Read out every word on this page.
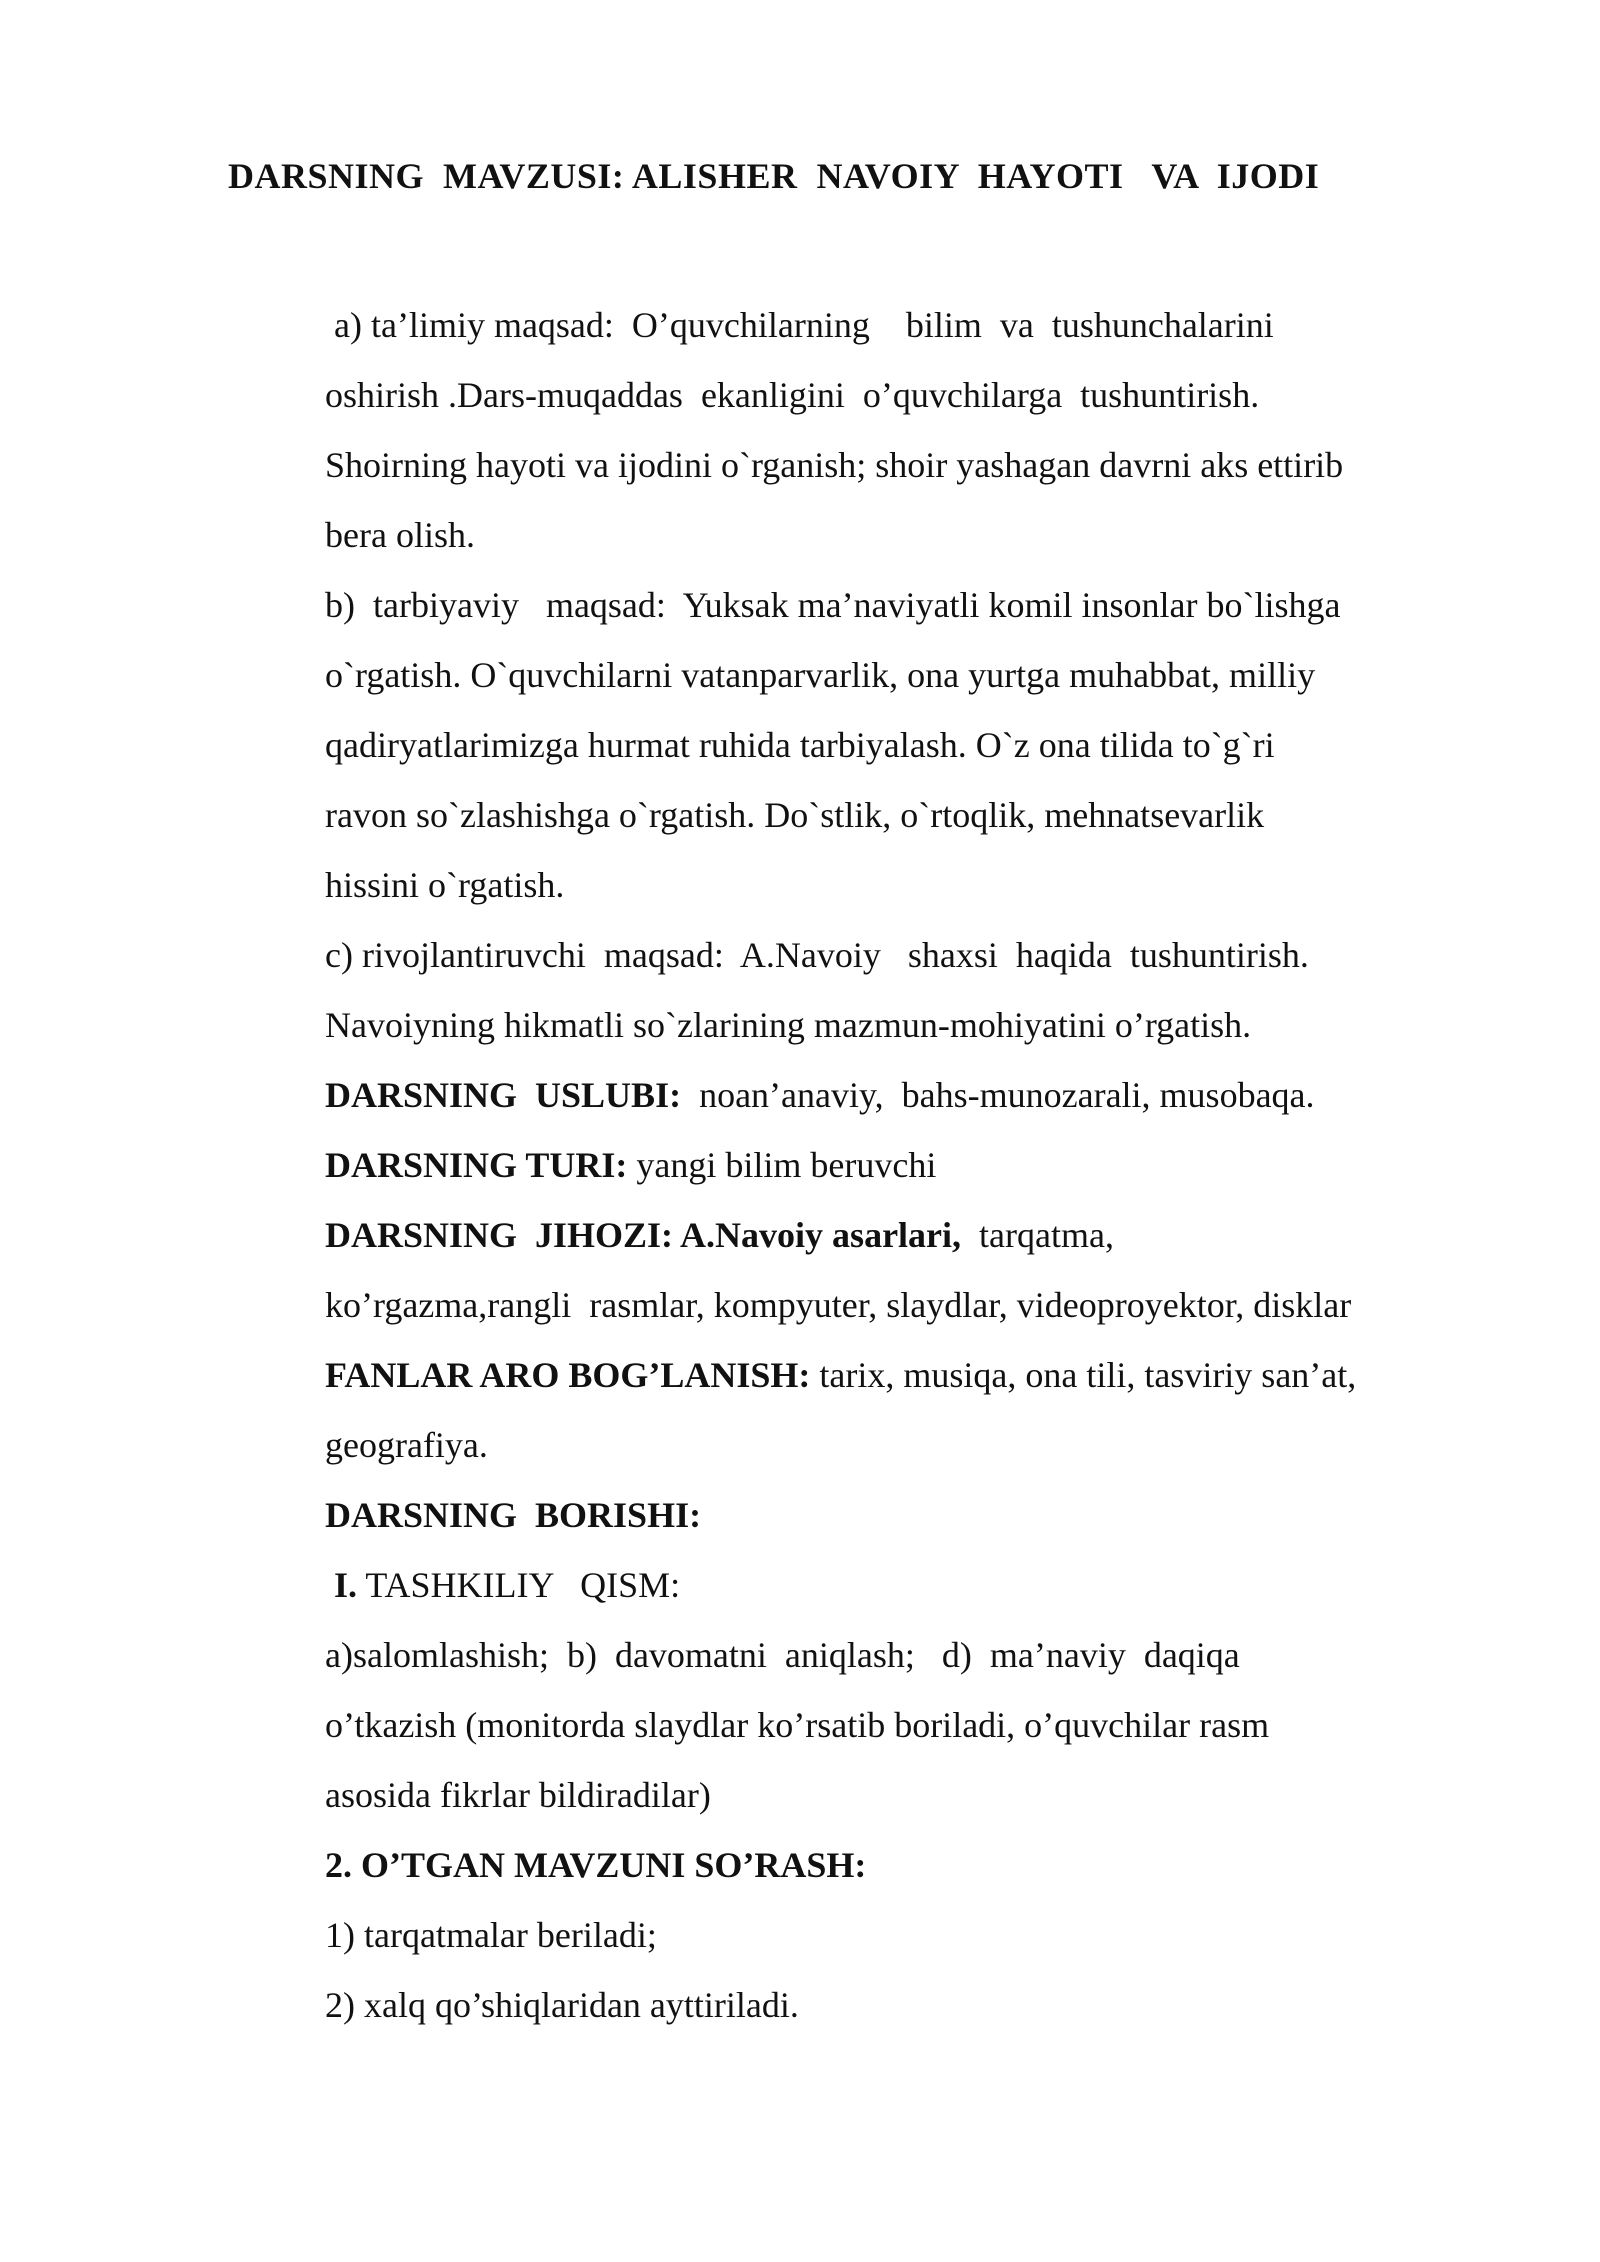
DARSNING  MAVZUSI: ALISHER  NAVOIY  HAYOTI   VA  IJODI
a) ta’limiy maqsad:  O’quvchilarning    bilim  va  tushunchalarini
oshirish .Dars-muqaddas  ekanligini  o’quvchilarga  tushuntirish.
Shoirning hayoti va ijodini o`rganish; shoir yashagan davrni aks ettirib
bera olish.
b)  tarbiyaviy   maqsad:  Yuksak ma’naviyatli komil insonlar bo`lishga
o`rgatish. O`quvchilarni vatanparvarlik, ona yurtga muhabbat, milliy
qadiryatlarimizga hurmat ruhida tarbiyalash. O`z ona tilida to`g`ri
ravon so`zlashishga o`rgatish. Do`stlik, o`rtoqlik, mehnatsevarlik
hissini o`rgatish.
c) rivojlantiruvchi  maqsad:  A.Navoiy   shaxsi  haqida  tushuntirish.
Navoiyning hikmatli so`zlarining mazmun-mohiyatini o’rgatish.
DARSNING  USLUBI:  noan’anaviy,  bahs-munozarali, musobaqa.
DARSNING TURI: yangi bilim beruvchi
DARSNING  JIHOZI: A.Navoiy asarlari,  tarqatma,
ko’rgazma,rangli  rasmlar, kompyuter, slaydlar, videoproyektor, disklar
FANLAR ARO BOG’LANISH: tarix, musiqa, ona tili, tasviriy san’at,
geografiya.
DARSNING  BORISHI:
I. TASHKILIY   QISM:
a)salomlashish;  b)  davomatni  aniqlash;   d)  ma’naviy  daqiqa
o’tkazish (monitorda slaydlar ko’rsatib boriladi, o’quvchilar rasm
asosida fikrlar bildiradilar)
2. O’TGAN MAVZUNI SO’RASH:
1) tarqatmalar beriladi;
2) xalq qo’shiqlaridan ayttiriladi.
